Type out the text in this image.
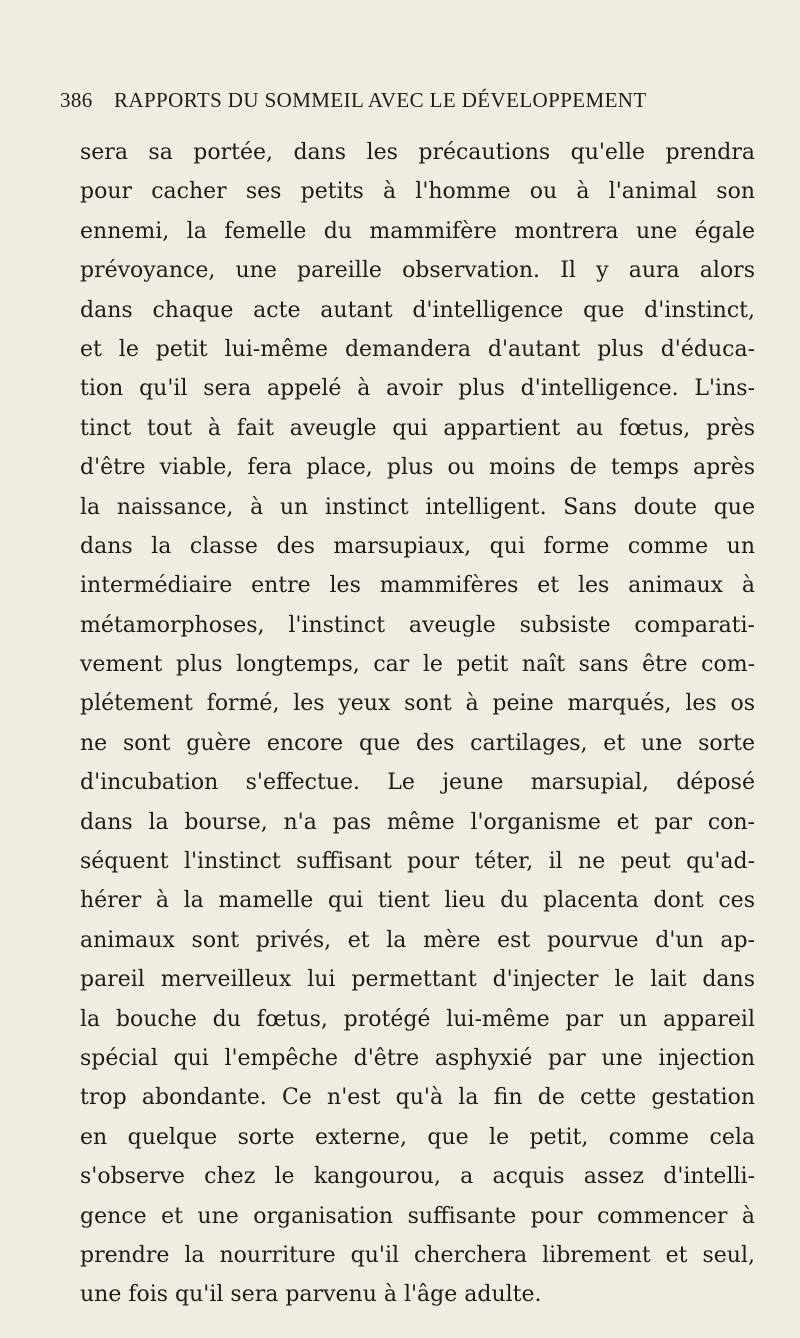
386 RAPPORTS DU SOMMEIL AVEC LE DÉVELOPPEMENT
sera sa portée, dans les précautions qu'elle prendra
pour cacher ses petits à l'homme ou à l'animal son
ennemi, la femelle du mammifère montrera une égale
prévoyance, une pareille observation. Il y aura alors
dans chaque acte autant d'intelligence que d'instinct,
et le petit lui-même demandera d'autant plus d'éduca-
tion qu'il sera appelé à avoir plus d'intelligence. L'ins-
tinct tout à fait aveugle qui appartient au fœtus, près
d'être viable, fera place, plus ou moins de temps après
la naissance, à un instinct intelligent. Sans doute que
dans la classe des marsupiaux, qui forme comme un
intermédiaire entre les mammifères et les animaux à
métamorphoses, l'instinct aveugle subsiste comparati-
vement plus longtemps, car le petit naît sans être com-
plétement formé, les yeux sont à peine marqués, les os
ne sont guère encore que des cartilages, et une sorte
d'incubation s'effectue. Le jeune marsupial, déposé
dans la bourse, n'a pas même l'organisme et par con-
séquent l'instinct suffisant pour téter, il ne peut qu'ad-
hérer à la mamelle qui tient lieu du placenta dont ces
animaux sont privés, et la mère est pourvue d'un ap-
pareil merveilleux lui permettant d'injecter le lait dans
la bouche du fœtus, protégé lui-même par un appareil
spécial qui l'empêche d'être asphyxié par une injection
trop abondante. Ce n'est qu'à la fin de cette gestation
en quelque sorte externe, que le petit, comme cela
s'observe chez le kangourou, a acquis assez d'intelli-
gence et une organisation suffisante pour commencer à
prendre la nourriture qu'il cherchera librement et seul,
une fois qu'il sera parvenu à l'âge adulte.
